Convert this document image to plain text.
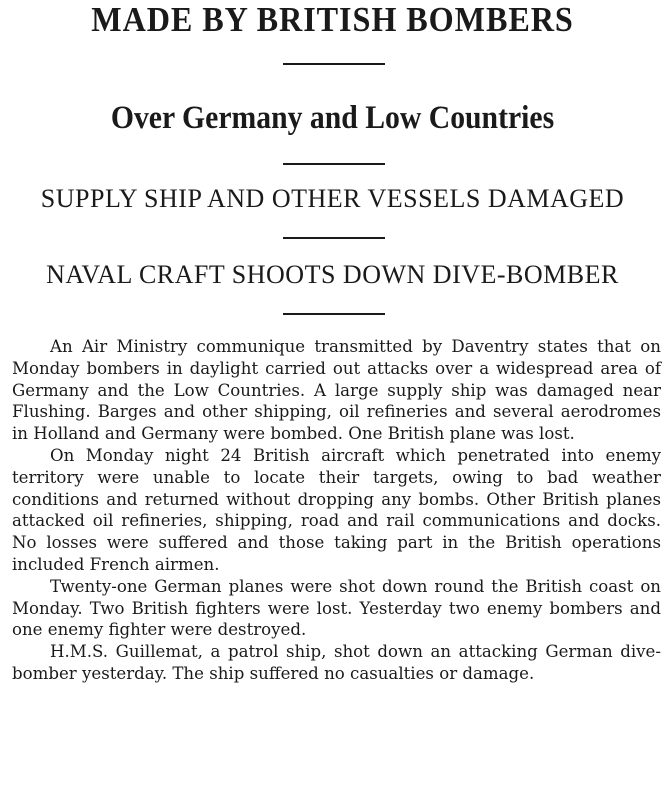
MADE BY BRITISH BOMBERS
Over Germany and Low Countries
SUPPLY SHIP AND OTHER VESSELS DAMAGED
NAVAL CRAFT SHOOTS DOWN DIVE-BOMBER

An Air Ministry communique transmitted by Daventry states that on Monday bombers in daylight carried out attacks over a widespread area of Germany and the Low Countries. A large supply ship was damaged near Flushing. Barges and other shipping, oil refineries and several aerodromes in Holland and Germany were bombed. One British plane was lost.

On Monday night 24 British aircraft which penetrated into enemy territory were unable to locate their targets, owing to bad weather conditions and returned without dropping any bombs. Other British planes attacked oil refineries, shipping, road and rail communications and docks. No losses were suffered and those taking part in the British operations included French airmen.

Twenty-one German planes were shot down round the British coast on Monday. Two British fighters were lost. Yesterday two enemy bombers and one enemy fighter were destroyed.

H.M.S. Guillemat, a patrol ship, shot down an attacking German dive-bomber yesterday. The ship suffered no casualties or damage.
